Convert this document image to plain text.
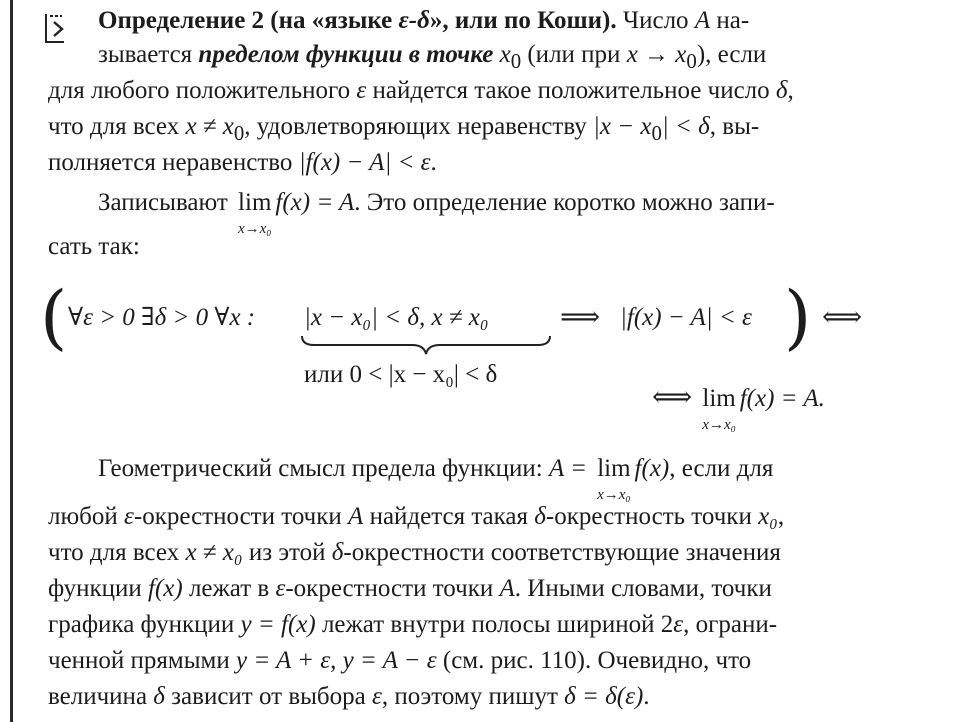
Определение 2 (на «языке ε-δ», или по Коши). Число A на-
зывается пределом функции в точке $x_0$ (или при $x \to x_0$), если
для любого положительного ε найдется такое положительное число δ,
что для всех $x \ne x_0$, удовлетворяющих неравенству $|x - x_0| < \delta$, вы-
полняется неравенство |f(x) − A| < ε.
Записывают lim
x→x₀
f(x) = A. Это определение коротко можно запи-
сать так:
( ∀ε > 0 ∃δ > 0 ∀x : |x − x₀| < δ, x ≠ x₀	⟹ |f(x) − A| < ε ) ⟺
или 0 < |x − x₀| < δ
⟺ lim
x→x₀
f(x) = A.
Геометрический смысл предела функции: A = lim
x→x₀
f(x), если для
любой ε-окрестности точки A найдется такая δ-окрестность точки x₀,
что для всех x ≠ x₀ из этой δ-окрестности соответствующие значения
функции f(x) лежат в ε-окрестности точки A. Иными словами, точки
графика функции y = f(x) лежат внутри полосы шириной 2ε, ограни-
ченной прямыми y = A + ε, y = A − ε (см. рис. 110). Очевидно, что
величина δ зависит от выбора ε, поэтому пишут δ = δ(ε).
